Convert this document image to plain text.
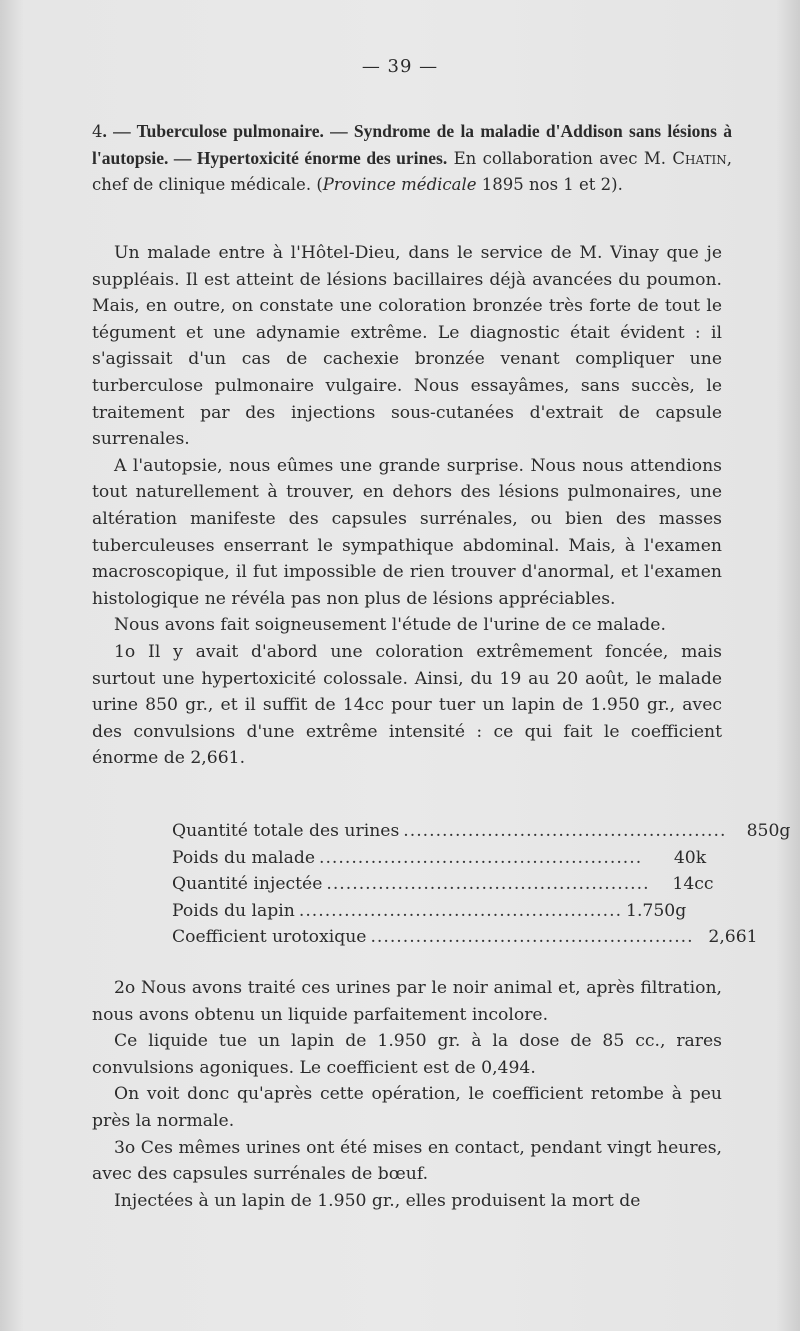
— 39 —
4. — Tuberculose pulmonaire. — Syndrome de la maladie d'Addison sans lésions à l'autopsie. — Hypertoxicité énorme des urines. En collaboration avec M. Chatin, chef de clinique médicale. (Province médicale 1895 nos 1 et 2).

Un malade entre à l'Hôtel-Dieu, dans le service de M. Vinay que je suppléais. Il est atteint de lésions bacillaires déjà avancées du poumon. Mais, en outre, on constate une coloration bronzée très forte de tout le tégument et une adynamie extrême. Le diagnostic était évident : il s'agissait d'un cas de cachexie bronzée venant compliquer une turberculose pulmonaire vulgaire. Nous essayâmes, sans succès, le traitement par des injections sous-cutanées d'extrait de capsule surrenales.

A l'autopsie, nous eûmes une grande surprise. Nous nous attendions tout naturellement à trouver, en dehors des lésions pulmonaires, une altération manifeste des capsules surrénales, ou bien des masses tuberculeuses enserrant le sympathique abdominal. Mais, à l'examen macroscopique, il fut impossible de rien trouver d'anormal, et l'examen histologique ne révéla pas non plus de lésions appréciables.

Nous avons fait soigneusement l'étude de l'urine de ce malade.

1o Il y avait d'abord une coloration extrêmement foncée, mais surtout une hypertoxicité colossale. Ainsi, du 19 au 20 août, le malade urine 850 gr., et il suffit de 14cc pour tuer un lapin de 1.950 gr., avec des convulsions d'une extrême intensité : ce qui fait le coefficient énorme de 2,661.

Quantité totale des urines ..................................................	850g
Poids du malade ..................................................	40k
Quantité injectée ..................................................	14cc
Poids du lapin .................................................. 1.750g
Coefficient urotoxique .................................................. 2,661

2o Nous avons traité ces urines par le noir animal et, après filtration, nous avons obtenu un liquide parfaitement incolore.

Ce liquide tue un lapin de 1.950 gr. à la dose de 85 cc., rares convulsions agoniques. Le coefficient est de 0,494.

On voit donc qu'après cette opération, le coefficient retombe à peu près la normale.

3o Ces mêmes urines ont été mises en contact, pendant vingt heures, avec des capsules surrénales de bœuf.

Injectées à un lapin de 1.950 gr., elles produisent la mort de
